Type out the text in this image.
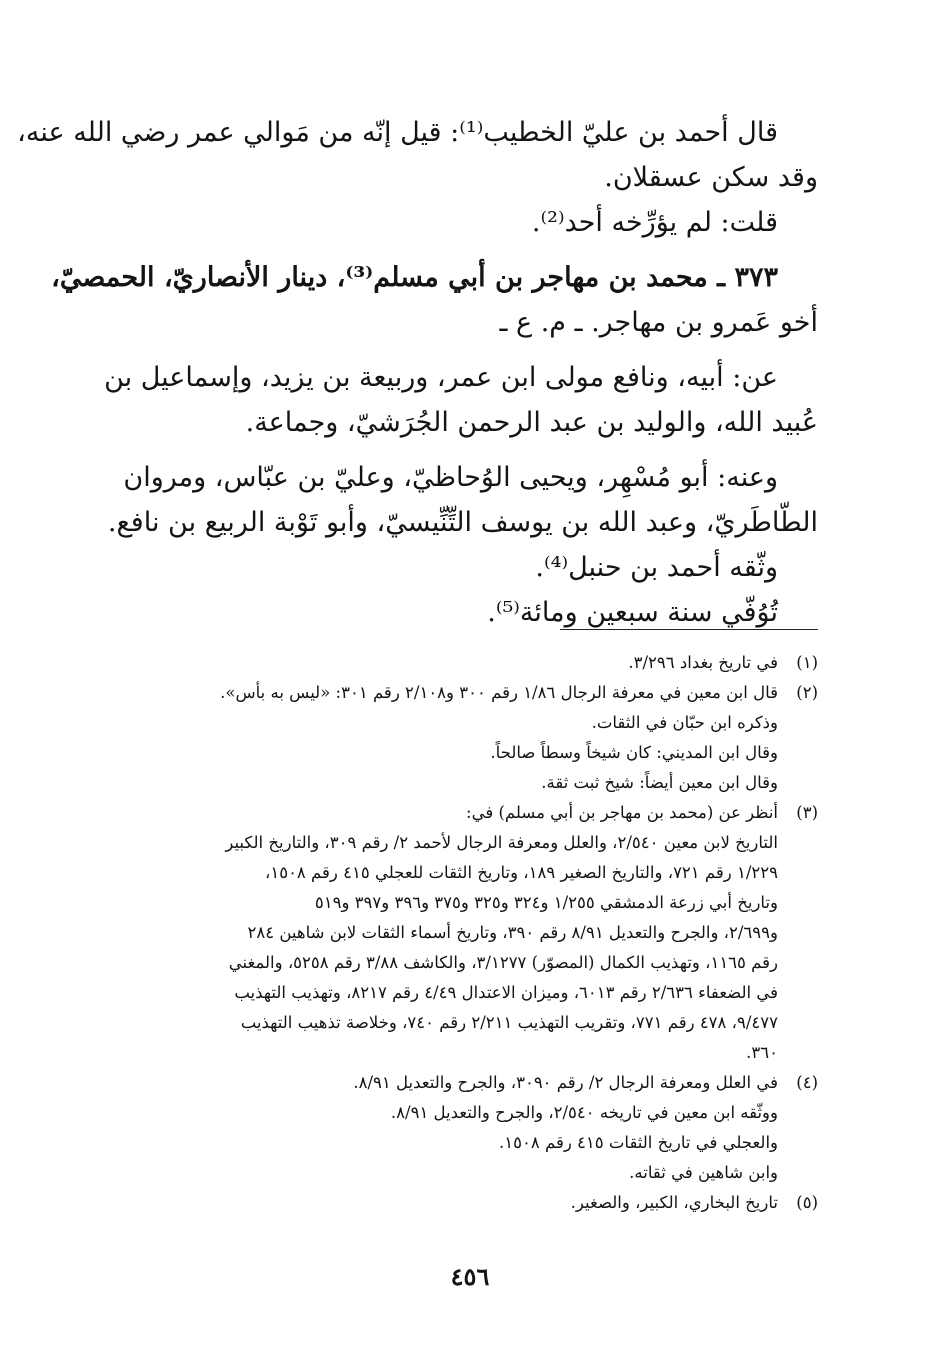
قال أحمد بن عليّ الخطيب⁽¹⁾: قيل إنّه من مَوالي عمر رضي الله عنه،
وقد سكن عسقلان.
قلت: لم يؤرِّخه أحد⁽²⁾.
٣٧٣ ـ محمد بن مهاجر بن أبي مسلم⁽³⁾، دينار الأنصاريّ، الحمصيّ،
أخو عَمرو بن مهاجر. ـ م. ع ـ
عن: أبيه، ونافع مولى ابن عمر، وربيعة بن يزيد، وإسماعيل بن
عُبيد الله، والوليد بن عبد الرحمن الجُرَشيّ، وجماعة.
وعنه: أبو مُسْهِر، ويحيى الوُحاظيّ، وعليّ بن عبّاس، ومروان
الطّاطَريّ، وعبد الله بن يوسف التِّنِّيسيّ، وأبو تَوْبة الربيع بن نافع.
وثّقه أحمد بن حنبل⁽⁴⁾.
تُوُفّي سنة سبعين ومائة⁽⁵⁾.
(١)في تاريخ بغداد ٣/٢٩٦.
(٢)قال ابن معين في معرفة الرجال ١/٨٦ رقم ٣٠٠ و٢/١٠٨ رقم ٣٠١: «ليس به بأس».
وذكره ابن حبّان في الثقات.
وقال ابن المديني: كان شيخاً وسطاً صالحاً.
وقال ابن معين أيضاً: شيخ ثبت ثقة.
(٣)أنظر عن (محمد بن مهاجر بن أبي مسلم) في:
التاريخ لابن معين ٢/٥٤٠، والعلل ومعرفة الرجال لأحمد ٢/ رقم ٣٠٩، والتاريخ الكبير
١/٢٢٩ رقم ٧٢١، والتاريخ الصغير ١٨٩، وتاريخ الثقات للعجلي ٤١٥ رقم ١٥٠٨،
وتاريخ أبي زرعة الدمشقي ١/٢٥٥ و٣٢٤ و٣٢٥ و٣٧٥ و٣٩٦ و٣٩٧ و٥١٩
و٢/٦٩٩، والجرح والتعديل ٨/٩١ رقم ٣٩٠، وتاريخ أسماء الثقات لابن شاهين ٢٨٤
رقم ١١٦٥، وتهذيب الكمال (المصوّر) ٣/١٢٧٧، والكاشف ٣/٨٨ رقم ٥٢٥٨، والمغني
في الضعفاء ٢/٦٣٦ رقم ٦٠١٣، وميزان الاعتدال ٤/٤٩ رقم ٨٢١٧، وتهذيب التهذيب
٩/٤٧٧، ٤٧٨ رقم ٧٧١، وتقريب التهذيب ٢/٢١١ رقم ٧٤٠، وخلاصة تذهيب التهذيب
٣٦٠.
(٤)في العلل ومعرفة الرجال ٢/ رقم ٣٠٩٠، والجرح والتعديل ٨/٩١.
ووثّقه ابن معين في تاريخه ٢/٥٤٠، والجرح والتعديل ٨/٩١.
والعجلي في تاريخ الثقات ٤١٥ رقم ١٥٠٨.
وابن شاهين في ثقاته.
(٥)تاريخ البخاري، الكبير، والصغير.
٤٥٦
